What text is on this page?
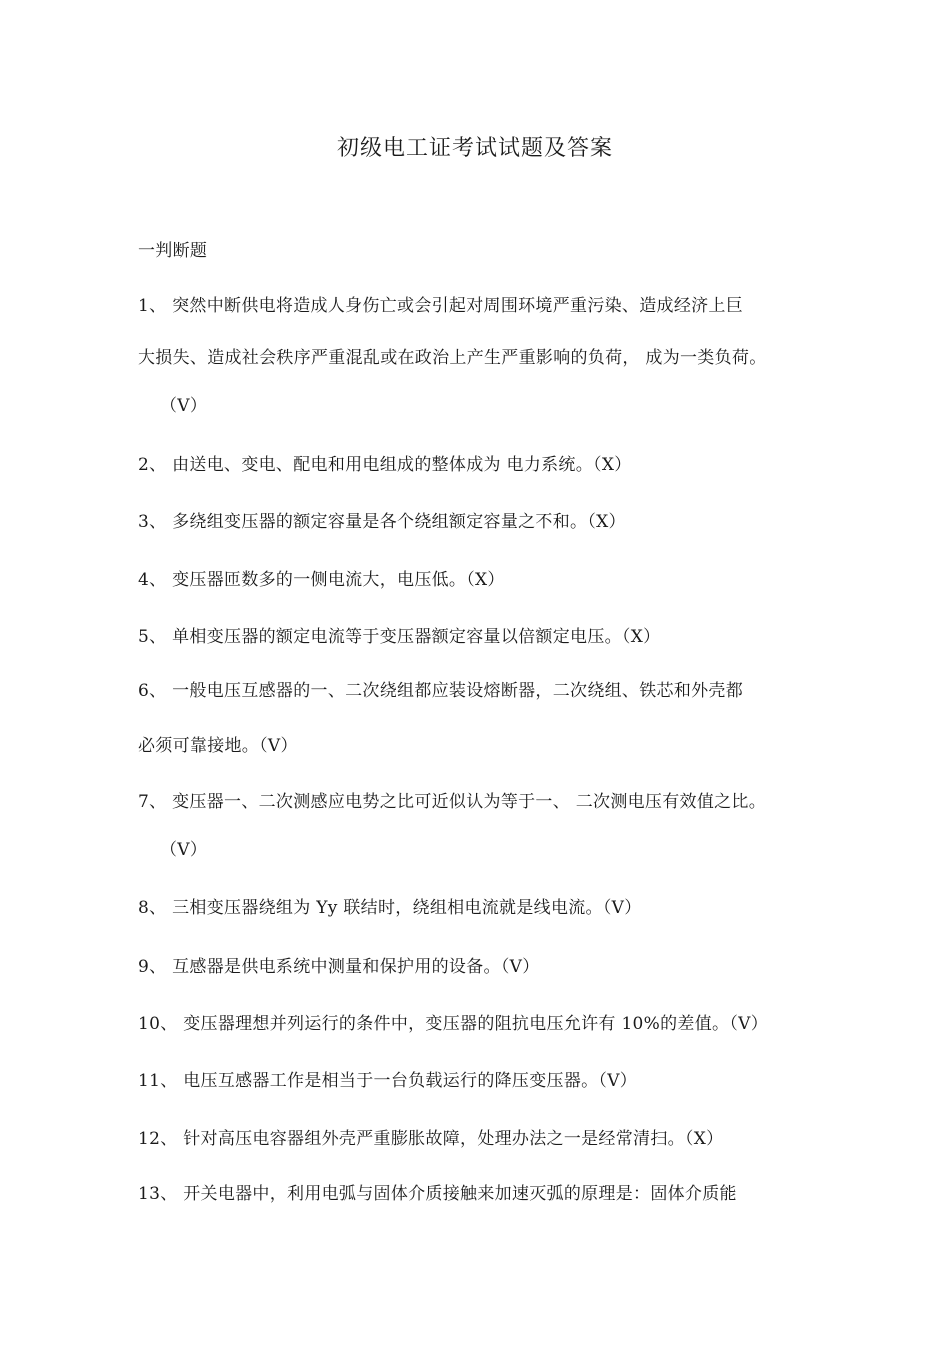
初级电工证考试试题及答案
一判断题
1、 突然中断供电将造成人身伤亡或会引起对周围环境严重污染、造成经济上巨
大损失、造成社会秩序严重混乱或在政治上产生严重影响的负荷， 成为一类负荷。
（V）
2、 由送电、变电、配电和用电组成的整体成为 电力系统。（X）
3、 多绕组变压器的额定容量是各个绕组额定容量之不和。（X）
4、 变压器匝数多的一侧电流大，电压低。（X）
5、 单相变压器的额定电流等于变压器额定容量以倍额定电压。（X）
6、 一般电压互感器的一、二次绕组都应装设熔断器，二次绕组、铁芯和外壳都
必须可靠接地。（V）
7、 变压器一、二次测感应电势之比可近似认为等于一、 二次测电压有效值之比。
（V）
8、 三相变压器绕组为 Yy 联结时，绕组相电流就是线电流。（V）
9、 互感器是供电系统中测量和保护用的设备。（V）
10、 变压器理想并列运行的条件中，变压器的阻抗电压允许有 10%的差值。（V）
11、 电压互感器工作是相当于一台负载运行的降压变压器。（V）
12、 针对高压电容器组外壳严重膨胀故障，处理办法之一是经常清扫。（X）
13、 开关电器中，利用电弧与固体介质接触来加速灭弧的原理是：固体介质能
